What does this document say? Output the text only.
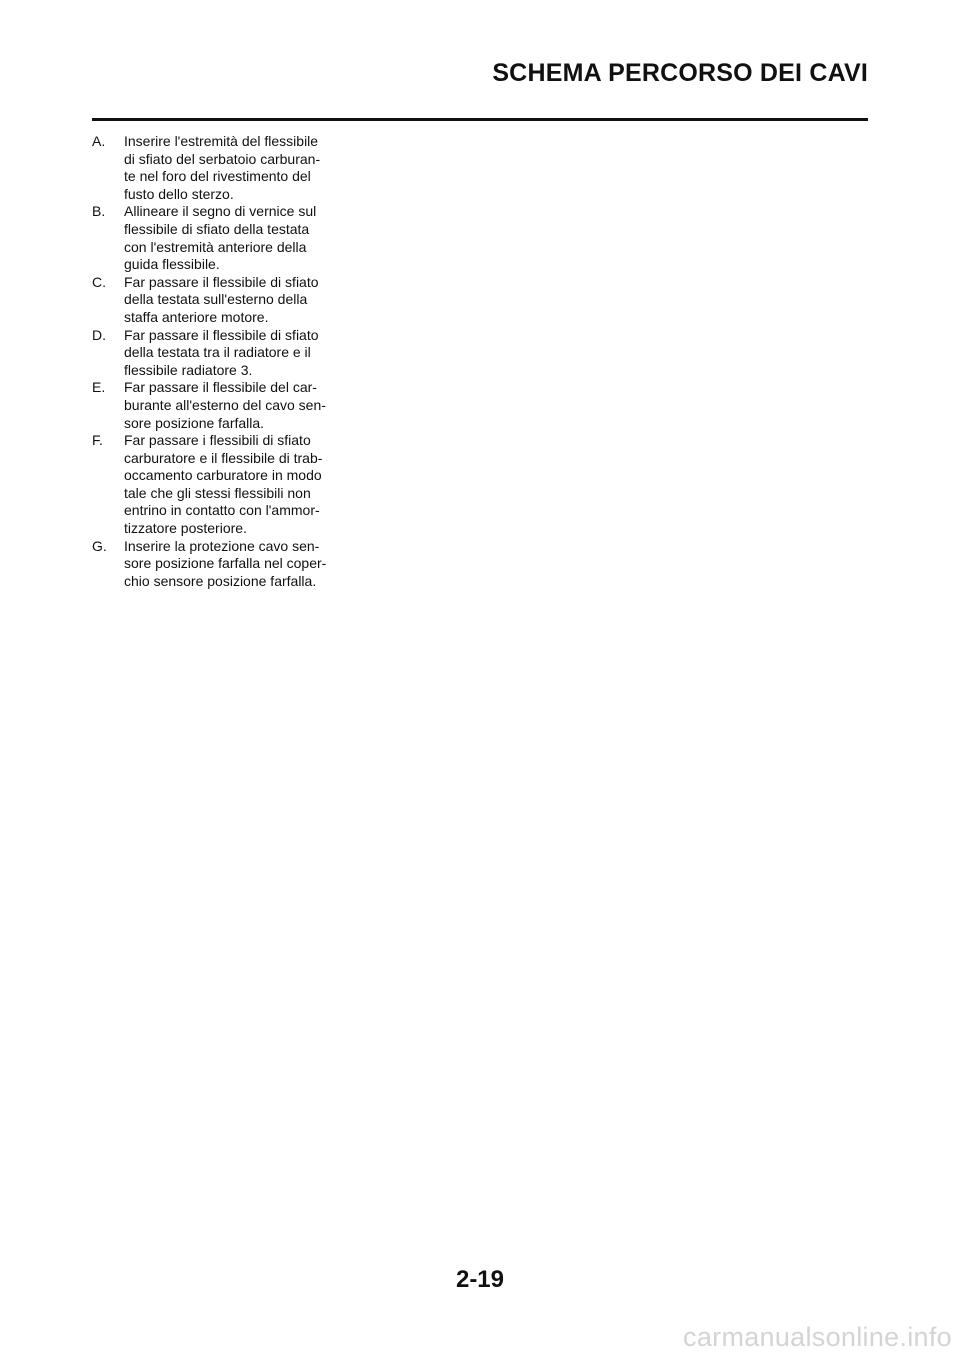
SCHEMA PERCORSO DEI CAVI
A.	Inserire l'estremità del flessibile
di sfiato del serbatoio carburan-
te nel foro del rivestimento del
fusto dello sterzo.
B.	Allineare il segno di vernice sul
flessibile di sfiato della testata
con l'estremità anteriore della
guida flessibile.
C.	Far passare il flessibile di sfiato
della testata sull'esterno della
staffa anteriore motore.
D.	Far passare il flessibile di sfiato
della testata tra il radiatore e il
flessibile radiatore 3.
E.	Far passare il flessibile del car-
burante all'esterno del cavo sen-
sore posizione farfalla.
F.	Far passare i flessibili di sfiato
carburatore e il flessibile di trab-
occamento carburatore in modo
tale che gli stessi flessibili non
entrino in contatto con l'ammor-
tizzatore posteriore.
G.	Inserire la protezione cavo sen-
sore posizione farfalla nel coper-
chio sensore posizione farfalla.
2-19
carmanualsonline.info
